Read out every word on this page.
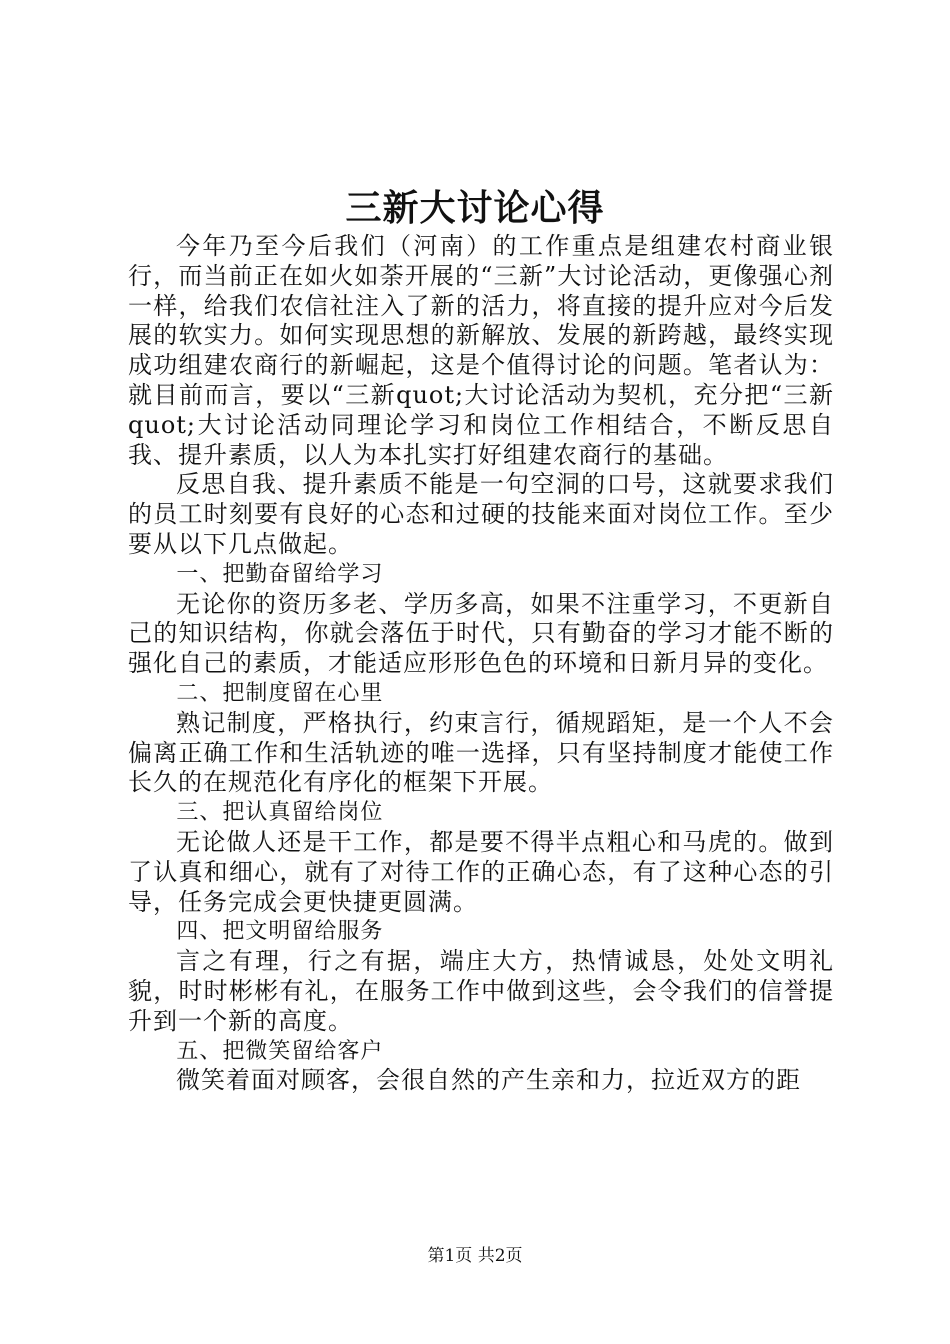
三新大讨论心得

今年乃至今后我们（河南）的工作重点是组建农村商业银行，而当前正在如火如荼开展的“三新”大讨论活动，更像强心剂一样，给我们农信社注入了新的活力，将直接的提升应对今后发展的软实力。如何实现思想的新解放、发展的新跨越，最终实现成功组建农商行的新崛起，这是个值得讨论的问题。笔者认为：就目前而言，要以“三新quot;大讨论活动为契机，充分把“三新quot;大讨论活动同理论学习和岗位工作相结合，不断反思自我、提升素质，以人为本扎实打好组建农商行的基础。

反思自我、提升素质不能是一句空洞的口号，这就要求我们的员工时刻要有良好的心态和过硬的技能来面对岗位工作。至少要从以下几点做起。

一、把勤奋留给学习

无论你的资历多老、学历多高，如果不注重学习，不更新自己的知识结构，你就会落伍于时代，只有勤奋的学习才能不断的强化自己的素质，才能适应形形色色的环境和日新月异的变化。

二、把制度留在心里

熟记制度，严格执行，约束言行，循规蹈矩，是一个人不会偏离正确工作和生活轨迹的唯一选择，只有坚持制度才能使工作长久的在规范化有序化的框架下开展。

三、把认真留给岗位

无论做人还是干工作，都是要不得半点粗心和马虎的。做到了认真和细心，就有了对待工作的正确心态，有了这种心态的引导，任务完成会更快捷更圆满。

四、把文明留给服务

言之有理，行之有据，端庄大方，热情诚恳，处处文明礼貌，时时彬彬有礼，在服务工作中做到这些，会令我们的信誉提升到一个新的高度。

五、把微笑留给客户

微笑着面对顾客，会很自然的产生亲和力，拉近双方的距

第1页 共2页
